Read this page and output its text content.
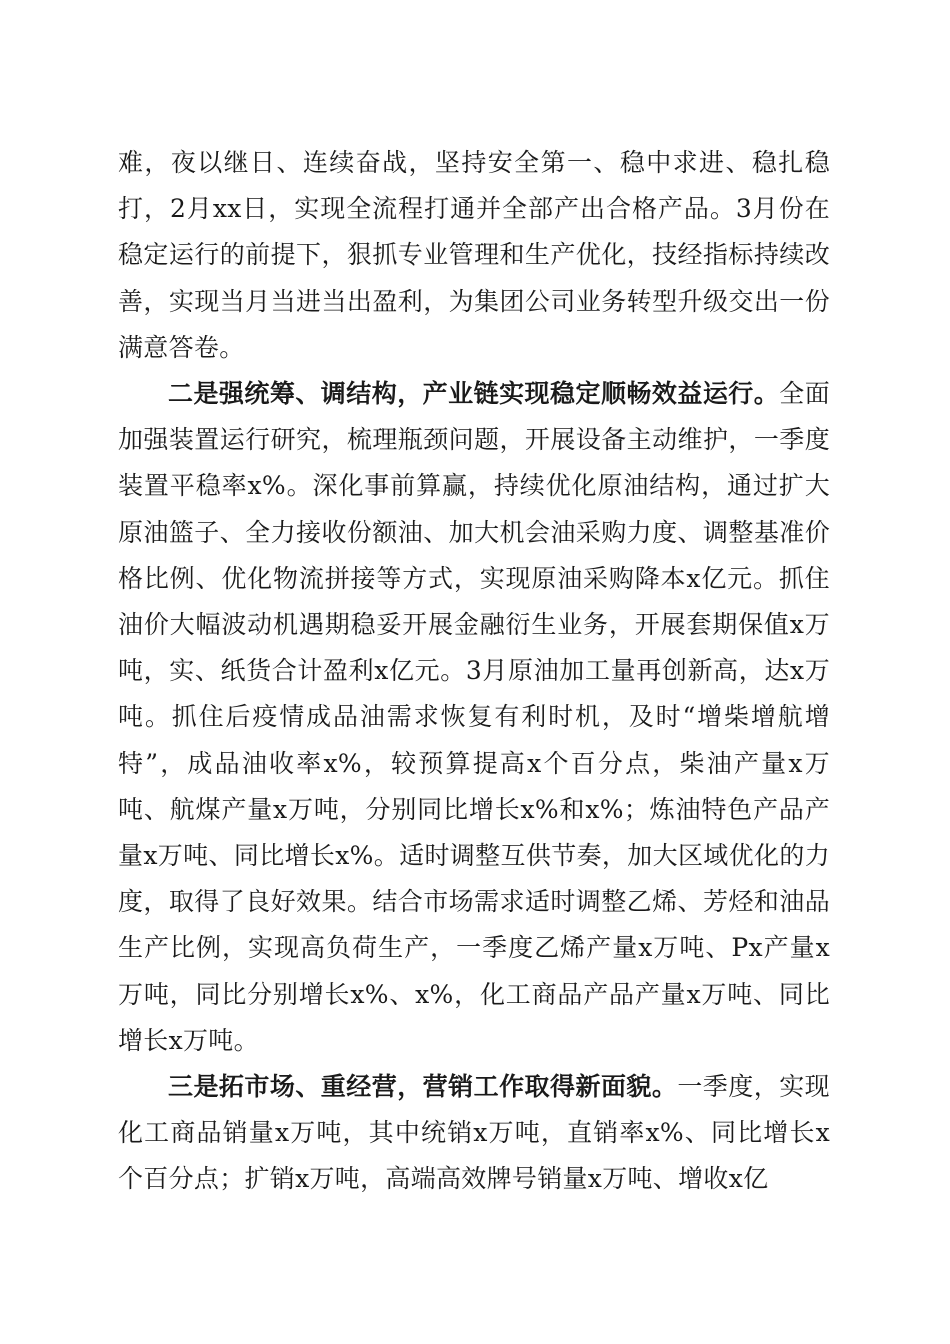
难，夜以继日、连续奋战，坚持安全第一、稳中求进、稳扎稳打，2月xx日，实现全流程打通并全部产出合格产品。3月份在稳定运行的前提下，狠抓专业管理和生产优化，技经指标持续改善，实现当月当进当出盈利，为集团公司业务转型升级交出一份满意答卷。

二是强统筹、调结构，产业链实现稳定顺畅效益运行。全面加强装置运行研究，梳理瓶颈问题，开展设备主动维护，一季度装置平稳率x%。深化事前算赢，持续优化原油结构，通过扩大原油篮子、全力接收份额油、加大机会油采购力度、调整基准价格比例、优化物流拼接等方式，实现原油采购降本x亿元。抓住油价大幅波动机遇期稳妥开展金融衍生业务，开展套期保值x万吨，实、纸货合计盈利x亿元。3月原油加工量再创新高，达x万吨。抓住后疫情成品油需求恢复有利时机，及时“增柴增航增特”，成品油收率x%，较预算提高x个百分点，柴油产量x万吨、航煤产量x万吨，分别同比增长x%和x%；炼油特色产品产量x万吨、同比增长x%。适时调整互供节奏，加大区域优化的力度，取得了良好效果。结合市场需求适时调整乙烯、芳烃和油品生产比例，实现高负荷生产，一季度乙烯产量x万吨、Px产量x万吨，同比分别增长x%、x%，化工商品产品产量x万吨、同比增长x万吨。

三是拓市场、重经营，营销工作取得新面貌。一季度，实现化工商品销量x万吨，其中统销x万吨，直销率x%、同比增长x个百分点；扩销x万吨，高端高效牌号销量x万吨、增收x亿
